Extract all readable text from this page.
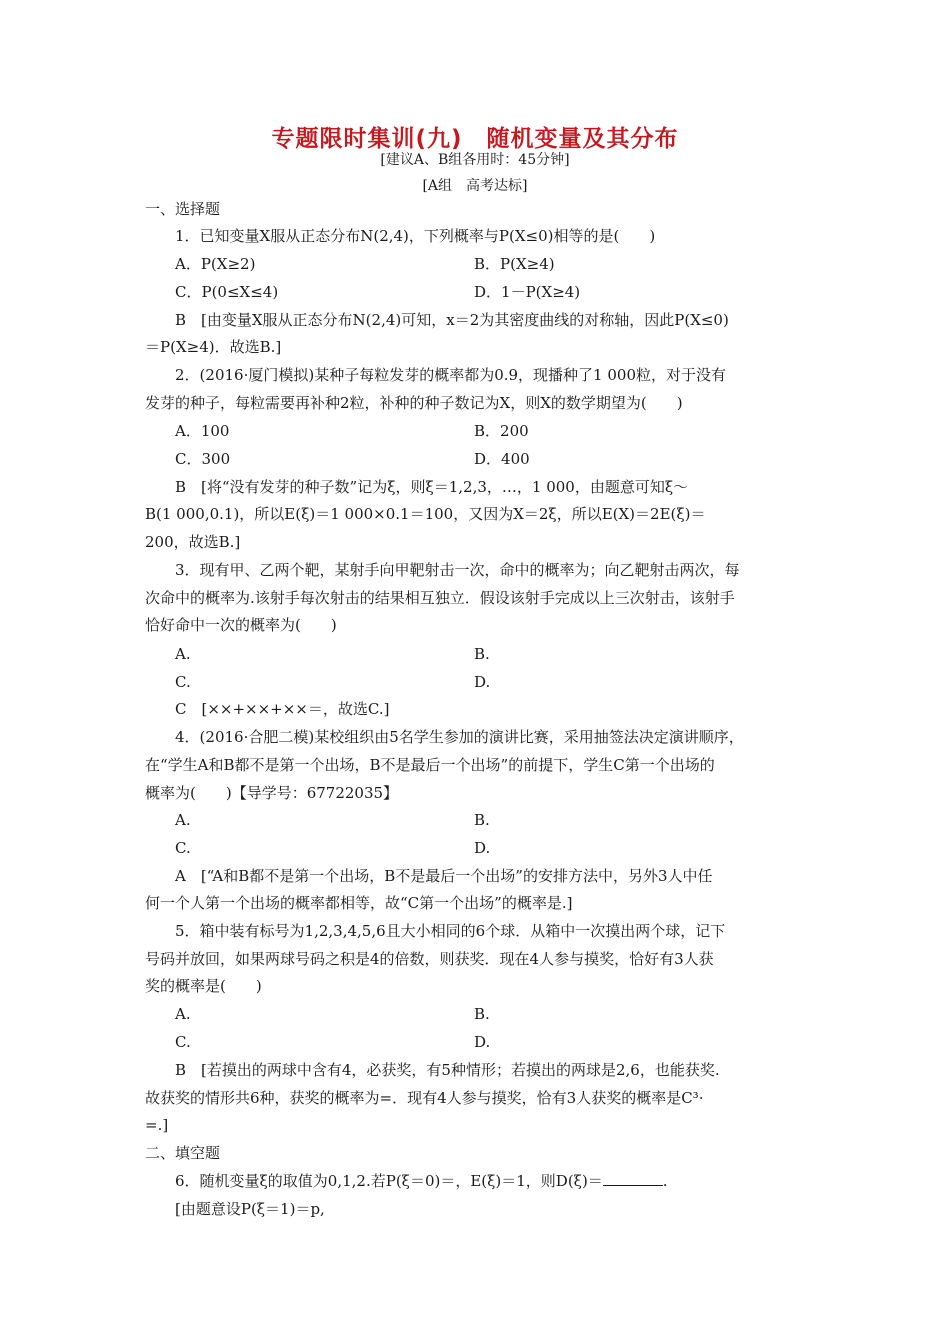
专题限时集训(九)　随机变量及其分布
[建议A、B组各用时：45分钟]
[A组　高考达标]
一、选择题
1．已知变量X服从正态分布N(2,4)，下列概率与P(X≤0)相等的是(　　)
A．P(X≥2)	B．P(X≥4)
C．P(0≤X≤4)	D．1－P(X≥4)
B　[由变量X服从正态分布N(2,4)可知，x＝2为其密度曲线的对称轴，因此P(X≤0)
＝P(X≥4)．故选B.]
2．(2016·厦门模拟)某种子每粒发芽的概率都为0.9，现播种了1 000粒，对于没有
发芽的种子，每粒需要再补种2粒，补种的种子数记为X，则X的数学期望为(　　)
A．100	B．200
C．300	D．400
B　[将“没有发芽的种子数”记为ξ，则ξ＝1,2,3，…，1 000，由题意可知ξ～
B(1 000,0.1)，所以E(ξ)＝1 000×0.1＝100，又因为X＝2ξ，所以E(X)＝2E(ξ)＝
200，故选B.]
3．现有甲、乙两个靶，某射手向甲靶射击一次，命中的概率为；向乙靶射击两次，每
次命中的概率为.该射手每次射击的结果相互独立．假设该射手完成以上三次射击，该射手
恰好命中一次的概率为(　　)
A.	B.
C.	D.
C　[××+××+××＝，故选C.]
4．(2016·合肥二模)某校组织由5名学生参加的演讲比赛，采用抽签法决定演讲顺序，
在“学生A和B都不是第一个出场，B不是最后一个出场”的前提下，学生C第一个出场的
概率为(　　)【导学号：67722035】
A.	B.
C.	D.
A　[“A和B都不是第一个出场，B不是最后一个出场”的安排方法中，另外3人中任
何一个人第一个出场的概率都相等，故“C第一个出场”的概率是.]
5．箱中装有标号为1,2,3,4,5,6且大小相同的6个球．从箱中一次摸出两个球，记下
号码并放回，如果两球号码之积是4的倍数，则获奖．现在4人参与摸奖，恰好有3人获
奖的概率是(　　)
A.	B.
C.	D.
B　[若摸出的两球中含有4，必获奖，有5种情形；若摸出的两球是2,6，也能获奖.
故获奖的情形共6种，获奖的概率为=．现有4人参与摸奖，恰有3人获奖的概率是C³·
=.]
二、填空题
6．随机变量ξ的取值为0,1,2.若P(ξ＝0)＝，E(ξ)＝1，则D(ξ)＝	.
[由题意设P(ξ＝1)＝p,
